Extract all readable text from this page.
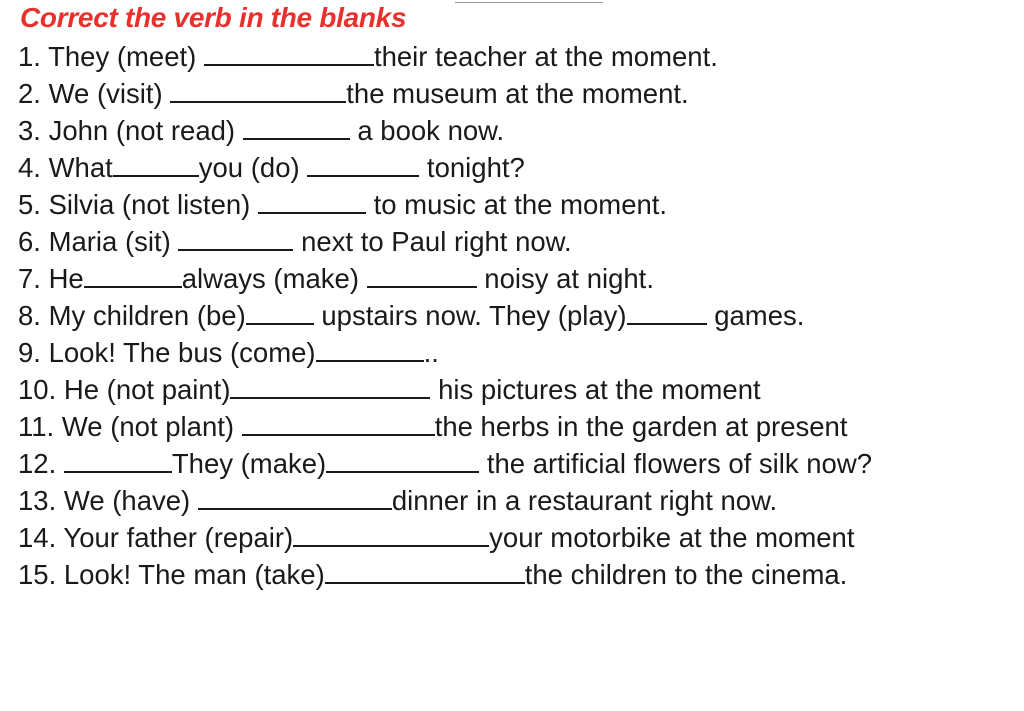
Correct the verb in the blanks
1. They (meet)	their teacher at the moment.
2. We (visit)	the museum at the moment.
3. John (not read)	a book now.
4. What	you (do)	tonight?
5. Silvia (not listen)	to music at the moment.
6. Maria (sit)	next to Paul right now.
7. He	always (make)	noisy at night.
8. My children (be) upstairs now. They (play)	games.
9. Look! The bus (come)	..
10. He (not paint)	his pictures at the moment
11. We (not plant)	the herbs in the garden at present
12.	They (make)	the artificial flowers of silk now?
13. We (have)	dinner in a restaurant right now.
14. Your father (repair)	your motorbike at the moment
15. Look! The man (take)	the children to the cinema.
